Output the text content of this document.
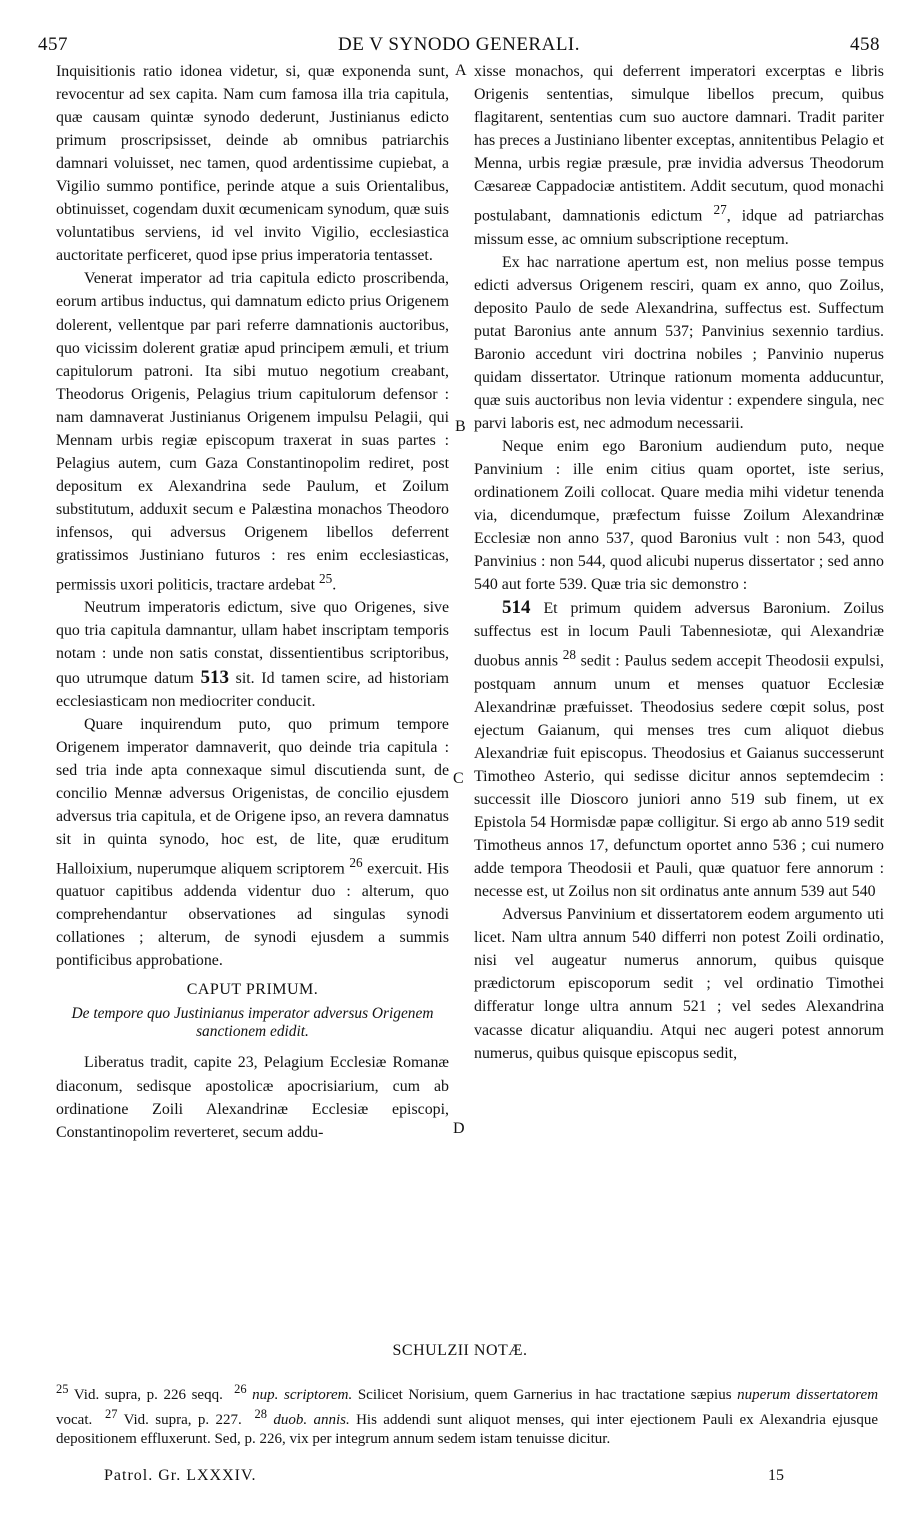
457	DE V SYNODO GENERALI.	458
A
B
C
D

Inquisitionis ratio idonea videtur, si, quæ exponenda sunt, revocentur ad sex capita. Nam cum famosa illa tria capitula, quæ causam quintæ synodo dederunt, Justinianus edicto primum proscripsisset, deinde ab omnibus patriarchis damnari voluisset, nec tamen, quod ardentissime cupiebat, a Vigilio summo pontifice, perinde atque a suis Orientalibus, obtinuisset, cogendam duxit œcumenicam synodum, quæ suis voluntatibus serviens, id vel invito Vigilio, ecclesiastica auctoritate perficeret, quod ipse prius imperatoria tentasset.

Venerat imperator ad tria capitula edicto proscribenda, eorum artibus inductus, qui damnatum edicto prius Origenem dolerent, vellentque par pari referre damnationis auctoribus, quo vicissim dolerent gratiæ apud principem æmuli, et trium capitulorum patroni. Ita sibi mutuo negotium creabant, Theodorus Origenis, Pelagius trium capitulorum defensor : nam damnaverat Justinianus Origenem impulsu Pelagii, qui Mennam urbis regiæ episcopum traxerat in suas partes : Pelagius autem, cum Gaza Constantinopolim rediret, post depositum ex Alexandrina sede Paulum, et Zoilum substitutum, adduxit secum e Palæstina monachos Theodoro infensos, qui adversus Origenem libellos deferrent gratissimos Justiniano futuros : res enim ecclesiasticas, permissis uxori politicis, tractare ardebat $^{25}$.

Neutrum imperatoris edictum, sive quo Origenes, sive quo tria capitula damnantur, ullam habet inscriptam temporis notam : unde non satis constat, dissentientibus scriptoribus, quo utrumque datum 513 sit. Id tamen scire, ad historiam ecclesiasticam non mediocriter conducit.

Quare inquirendum puto, quo primum tempore Origenem imperator damnaverit, quo deinde tria capitula : sed tria inde apta connexaque simul discutienda sunt, de concilio Mennæ adversus Origenistas, de concilio ejusdem adversus tria capitula, et de Origene ipso, an revera damnatus sit in quinta synodo, hoc est, de lite, quæ eruditum Halloixium, nuperumque aliquem scriptorem $^{26}$ exercuit. His quatuor capitibus addenda videntur duo : alterum, quo comprehendantur observationes ad singulas synodi collationes ; alterum, de synodi ejusdem a summis pontificibus approbatione.

CAPUT PRIMUM.

De tempore quo Justinianus imperator adversus Origenem sanctionem edidit.

Liberatus tradit, capite 23, Pelagium Ecclesiæ Romanæ diaconum, sedisque apostolicæ apocrisiarium, cum ab ordinatione Zoili Alexandrinæ Ecclesiæ episcopi, Constantinopolim reverteret, secum addu-

xisse monachos, qui deferrent imperatori excerptas e libris Origenis sententias, simulque libellos precum, quibus flagitarent, sententias cum suo auctore damnari. Tradit pariter has preces a Justiniano libenter exceptas, annitentibus Pelagio et Menna, urbis regiæ præsule, præ invidia adversus Theodorum Cæsareæ Cappadociæ antistitem. Addit secutum, quod monachi postulabant, damnationis edictum $^{27}$, idque ad patriarchas missum esse, ac omnium subscriptione receptum.

Ex hac narratione apertum est, non melius posse tempus edicti adversus Origenem resciri, quam ex anno, quo Zoilus, deposito Paulo de sede Alexandrina, suffectus est. Suffectum putat Baronius ante annum 537; Panvinius sexennio tardius. Baronio accedunt viri doctrina nobiles ; Panvinio nuperus quidam dissertator. Utrinque rationum momenta adducuntur, quæ suis auctoribus non levia videntur : expendere singula, nec parvi laboris est, nec admodum necessarii.

Neque enim ego Baronium audiendum puto, neque Panvinium : ille enim citius quam oportet, iste serius, ordinationem Zoili collocat. Quare media mihi videtur tenenda via, dicendumque, præfectum fuisse Zoilum Alexandrinæ Ecclesiæ non anno 537, quod Baronius vult : non 543, quod Panvinius : non 544, quod alicubi nuperus dissertator ; sed anno 540 aut forte 539. Quæ tria sic demonstro :

514 Et primum quidem adversus Baronium. Zoilus suffectus est in locum Pauli Tabennesiotæ, qui Alexandriæ duobus annis $^{28}$ sedit : Paulus sedem accepit Theodosii expulsi, postquam annum unum et menses quatuor Ecclesiæ Alexandrinæ præfuisset. Theodosius sedere cœpit solus, post ejectum Gaianum, qui menses tres cum aliquot diebus Alexandriæ fuit episcopus. Theodosius et Gaianus successerunt Timotheo Asterio, qui sedisse dicitur annos septemdecim : successit ille Dioscoro juniori anno 519 sub finem, ut ex Epistola 54 Hormisdæ papæ colligitur. Si ergo ab anno 519 sedit Timotheus annos 17, defunctum oportet anno 536 ; cui numero adde tempora Theodosii et Pauli, quæ quatuor fere annorum : necesse est, ut Zoilus non sit ordinatus ante annum 539 aut 540

Adversus Panvinium et dissertatorem eodem argumento uti licet. Nam ultra annum 540 differri non potest Zoili ordinatio, nisi vel augeatur numerus annorum, quibus quisque prædictorum episcoporum sedit ; vel ordinatio Timothei differatur longe ultra annum 521 ; vel sedes Alexandrina vacasse dicatur aliquandiu. Atqui nec augeri potest annorum numerus, quibus quisque episcopus sedit,

SCHULZII NOTÆ.

$^{25}$ Vid. supra, p. 226 seqq. $^{26}$ nup. scriptorem. Scilicet Norisium, quem Garnerius in hac tractatione sæpius nuperum dissertatorem vocat. $^{27}$ Vid. supra, p. 227. $^{28}$ duob. annis. His addendi sunt aliquot menses, qui inter ejectionem Pauli ex Alexandria ejusque depositionem effluxerunt. Sed, p. 226, vix per integrum annum sedem istam tenuisse dicitur.

Patrol. Gr. LXXXIV.	15
